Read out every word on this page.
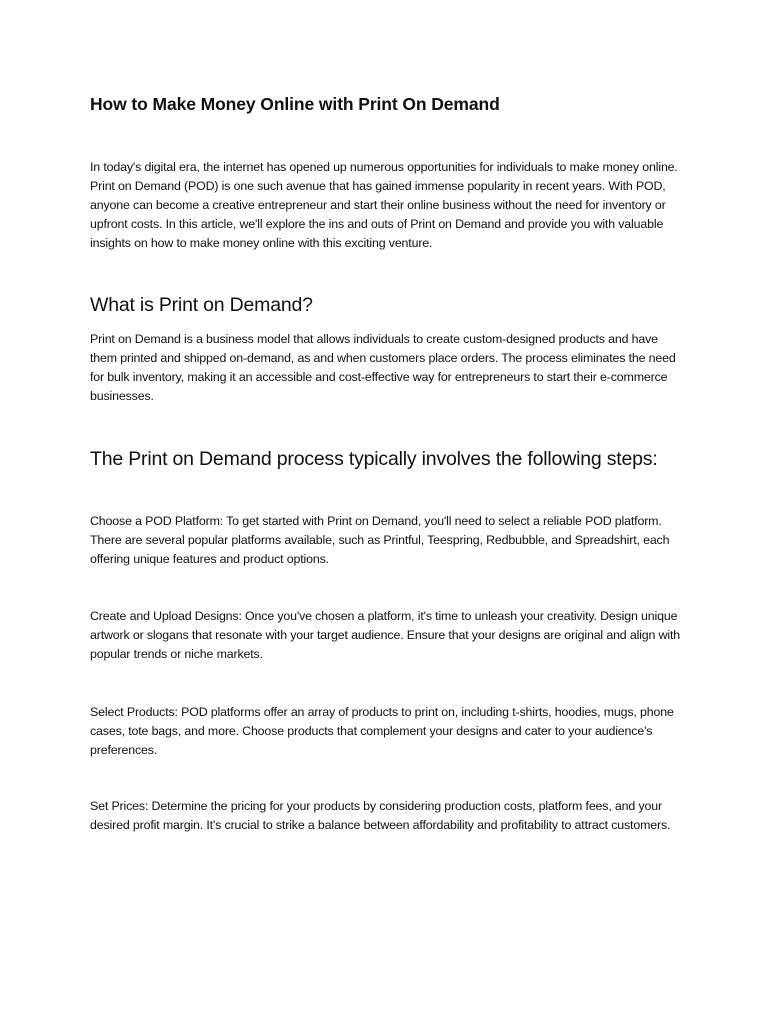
How to Make Money Online with Print On Demand

In today's digital era, the internet has opened up numerous opportunities for individuals to make money online. Print on Demand (POD) is one such avenue that has gained immense popularity in recent years. With POD, anyone can become a creative entrepreneur and start their online business without the need for inventory or upfront costs. In this article, we'll explore the ins and outs of Print on Demand and provide you with valuable insights on how to make money online with this exciting venture.

What is Print on Demand?

Print on Demand is a business model that allows individuals to create custom-designed products and have them printed and shipped on-demand, as and when customers place orders. The process eliminates the need for bulk inventory, making it an accessible and cost-effective way for entrepreneurs to start their e-commerce businesses.

The Print on Demand process typically involves the following steps:

Choose a POD Platform: To get started with Print on Demand, you'll need to select a reliable POD platform. There are several popular platforms available, such as Printful, Teespring, Redbubble, and Spreadshirt, each offering unique features and product options.

Create and Upload Designs: Once you've chosen a platform, it's time to unleash your creativity. Design unique artwork or slogans that resonate with your target audience. Ensure that your designs are original and align with popular trends or niche markets.

Select Products: POD platforms offer an array of products to print on, including t-shirts, hoodies, mugs, phone cases, tote bags, and more. Choose products that complement your designs and cater to your audience's preferences.

Set Prices: Determine the pricing for your products by considering production costs, platform fees, and your desired profit margin. It's crucial to strike a balance between affordability and profitability to attract customers.
